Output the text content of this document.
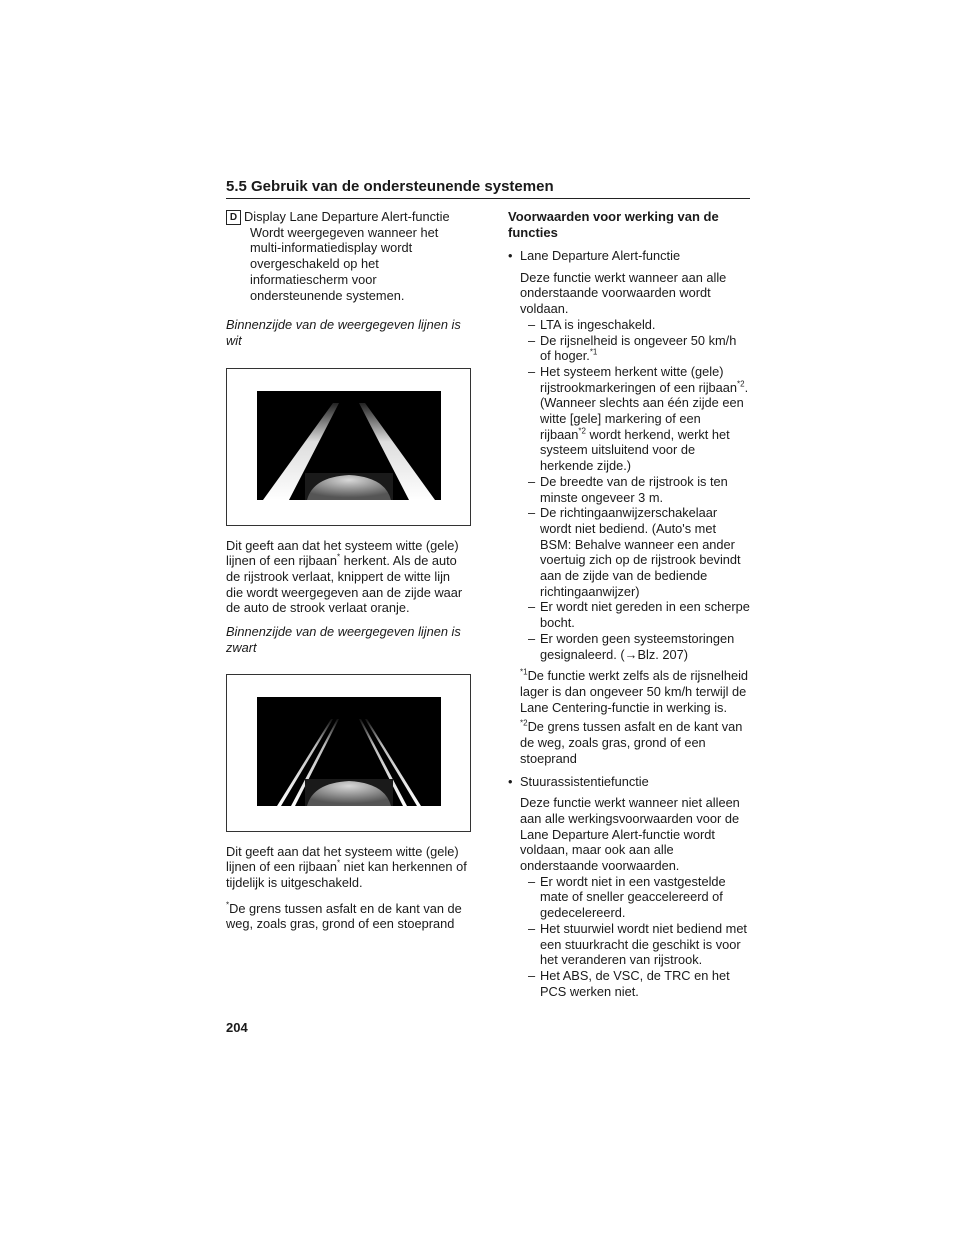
5.5 Gebruik van de ondersteunende systemen
D Display Lane Departure Alert-functie

Wordt weergegeven wanneer het multi-informatiedisplay wordt overgeschakeld op het informatiescherm voor ondersteunende systemen.

Binnenzijde van de weergegeven lijnen is wit

Dit geeft aan dat het systeem witte (gele) lijnen of een rijbaan* herkent. Als de auto de rijstrook verlaat, knippert de witte lijn die wordt weergegeven aan de zijde waar de auto de strook verlaat oranje.

Binnenzijde van de weergegeven lijnen is zwart

Dit geeft aan dat het systeem witte (gele) lijnen of een rijbaan* niet kan herkennen of tijdelijk is uitgeschakeld.

*De grens tussen asfalt en de kant van de weg, zoals gras, grond of een stoeprand

Voorwaarden voor werking van de functies
• Lane Departure Alert-functie

Deze functie werkt wanneer aan alle onderstaande voorwaarden wordt voldaan.

– LTA is ingeschakeld.

– De rijsnelheid is ongeveer 50 km/h of hoger.$^{*1}$

– Het systeem herkent witte (gele) rijstrookmarkeringen of een rijbaan$^{*2}$. (Wanneer slechts aan één zijde een witte [gele] markering of een rijbaan$^{*2}$ wordt herkend, werkt het systeem uitsluitend voor de herkende zijde.)

– De breedte van de rijstrook is ten minste ongeveer 3 m.

– De richtingaanwijzerschakelaar wordt niet bediend. (Auto's met BSM: Behalve wanneer een ander voertuig zich op de rijstrook bevindt aan de zijde van de bediende richtingaanwijzer)

– Er wordt niet gereden in een scherpe bocht.

– Er worden geen systeemstoringen gesignaleerd. (→Blz. 207)

$^{*1}$De functie werkt zelfs als de rijsnelheid lager is dan ongeveer 50 km/h terwijl de Lane Centering-functie in werking is.

$^{*2}$De grens tussen asfalt en de kant van de weg, zoals gras, grond of een stoeprand

• Stuurassistentiefunctie

Deze functie werkt wanneer niet alleen aan alle werkingsvoorwaarden voor de Lane Departure Alert-functie wordt voldaan, maar ook aan alle onderstaande voorwaarden.

– Er wordt niet in een vastgestelde mate of sneller geaccelereerd of gedecelereerd.

– Het stuurwiel wordt niet bediend met een stuurkracht die geschikt is voor het veranderen van rijstrook.

– Het ABS, de VSC, de TRC en het PCS werken niet.

204
